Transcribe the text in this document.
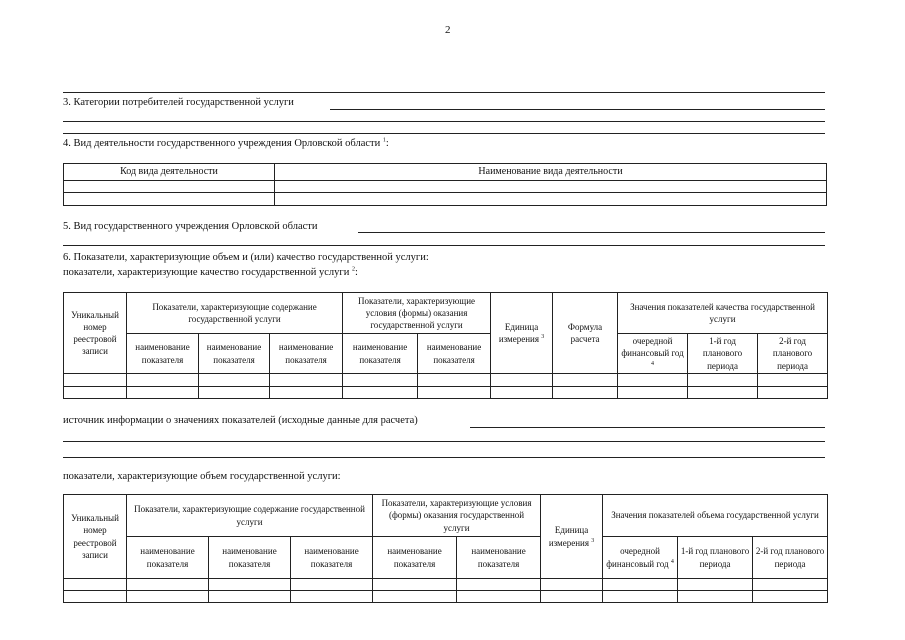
2
3. Категории потребителей государственной услуги
4. Вид деятельности государственного учреждения Орловской области $^1$:
Код вида деятельности	Наименование вида деятельности

5. Вид государственного учреждения Орловской области
6. Показатели, характеризующие объем и (или) качество государственной услуги:
показатели, характеризующие качество государственной услуги $^2$:
Уникальный номер реестровой записи	Показатели, характеризующие содержание государственной услуги			Показатели, характеризующие условия (формы) оказания государственной услуги		Единица измерения $^3$	Формула расчета	Значения показателей качества государственной услуги		
	наименование показателя	наименование показателя	наименование показателя	наименование показателя	наименование показателя			очередной финансовый год $^4$	1-й год планового периода	2-й год планового периода

источник информации о значениях показателей (исходные данные для расчета)
показатели, характеризующие объем государственной услуги:
Уникальный номер реестровой записи	Показатели, характеризующие содержание государственной услуги			Показатели, характеризующие условия (формы) оказания государственной услуги		Единица измерения $^3$	Значения показателей объема государственной услуги		
	наименование показателя	наименование показателя	наименование показателя	наименование показателя	наименование показателя		очередной финансовый год $^4$	1-й год планового периода	2-й год планового периода
